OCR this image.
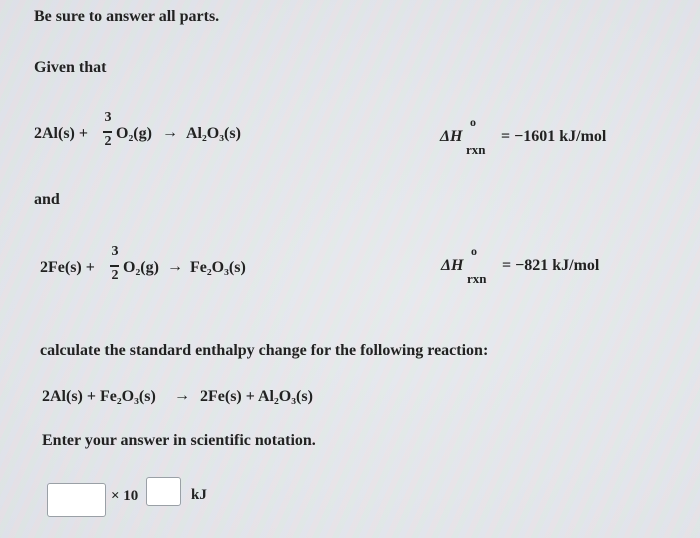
Be sure to answer all parts.
Given that
2Al(s) +
3
2 O₂(g) → Al₂O₃(s)	ΔH
o
rxn
= −1601 kJ/mol
and
2Fe(s) +
3
2 O₂(g) → Fe₂O₃(s)	ΔH
o
rxn
= −821 kJ/mol
calculate the standard enthalpy change for the following reaction:
2Al(s) + Fe₂O₃(s) → 2Fe(s) + Al₂O₃(s)
Enter your answer in scientific notation.
× 10	kJ
